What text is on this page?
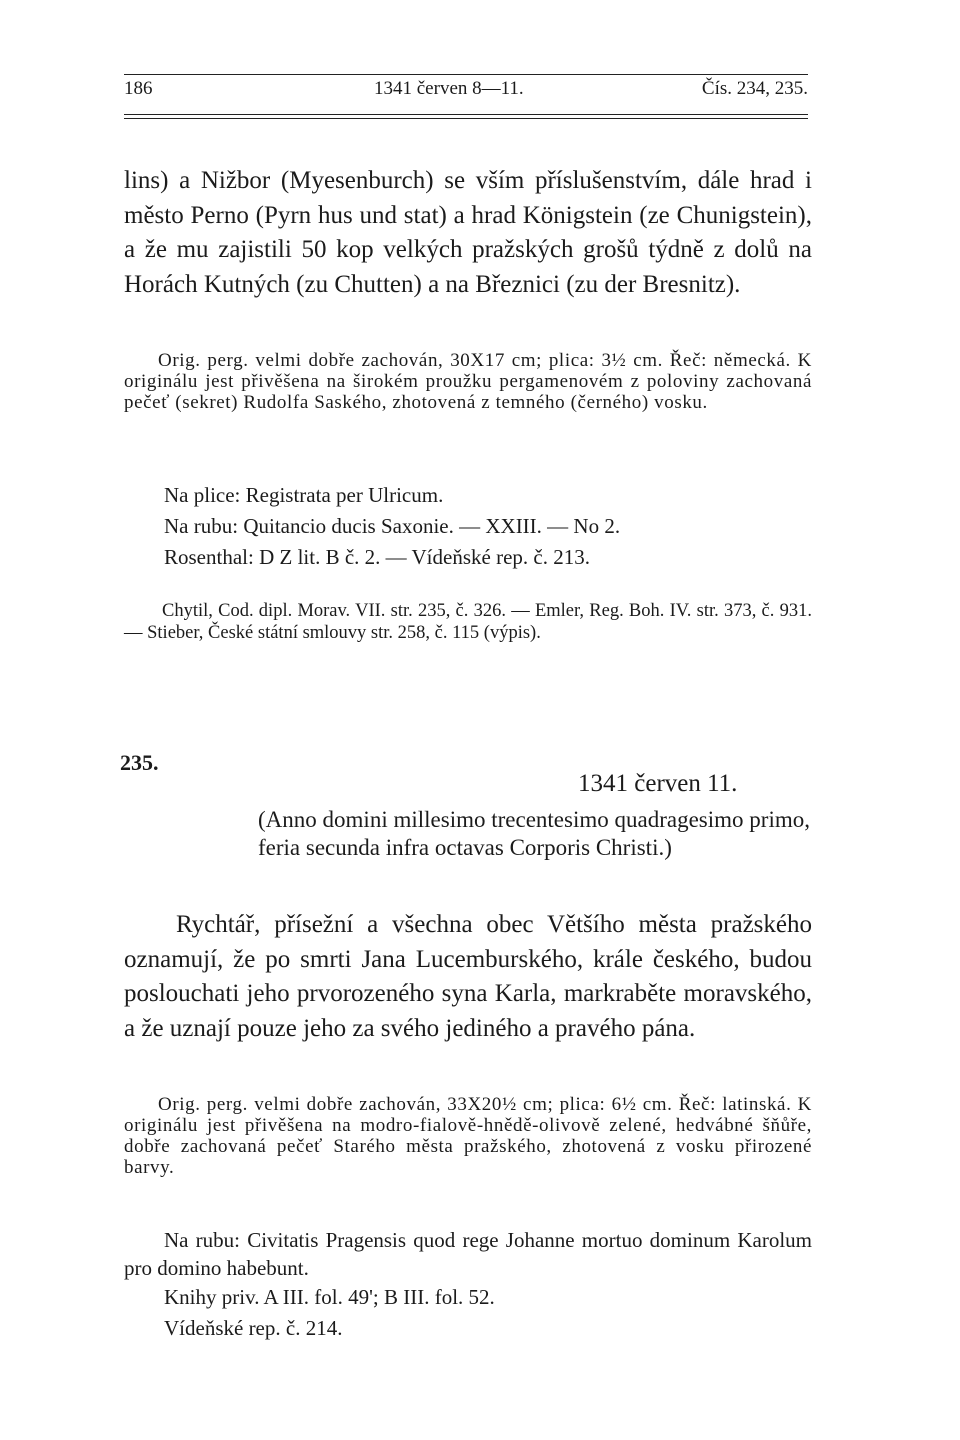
186	1341 červen 8—11.	Čís. 234, 235.
lins) a Nižbor (Myesenburch) se vším příslušenstvím, dále hrad i město Perno (Pyrn hus und stat) a hrad Königstein (ze Chunigstein), a že mu zajistili 50 kop velkých pražských grošů týdně z dolů na Horách Kutných (zu Chutten) a na Březnici (zu der Bresnitz).
Orig. perg. velmi dobře zachován, 30X17 cm; plica: 3½ cm. Řeč: německá. K originálu jest přivěšena na širokém proužku pergamenovém z poloviny zachovaná pečeť (sekret) Rudolfa Saského, zhotovená z temného (černého) vosku.
Na plice: Registrata per Ulricum.
Na rubu: Quitancio ducis Saxonie. — XXIII. — No 2.
Rosenthal: D Z lit. B č. 2. — Vídeňské rep. č. 213.
Chytil, Cod. dipl. Morav. VII. str. 235, č. 326. — Emler, Reg. Boh. IV. str. 373, č. 931. — Stieber, České státní smlouvy str. 258, č. 115 (výpis).
235.
1341 červen 11.
(Anno domini millesimo trecentesimo quadragesimo primo, feria secunda infra octavas Corporis Christi.)
Rychtář, přísežní a všechna obec Většího města pražského oznamují, že po smrti Jana Lucemburského, krále českého, budou poslouchati jeho prvorozeného syna Karla, markraběte moravského, a že uznají pouze jeho za svého jediného a pravého pána.
Orig. perg. velmi dobře zachován, 33X20½ cm; plica: 6½ cm. Řeč: latinská. K originálu jest přivěšena na modro-fialově-hnědě-olivově zelené, hedvábné šňůře, dobře zachovaná pečeť Starého města pražského, zhotovená z vosku přirozené barvy.
Na rubu: Civitatis Pragensis quod rege Johanne mortuo dominum Karolum pro domino habebunt.
Knihy priv. A III. fol. 49'; B III. fol. 52.
Vídeňské rep. č. 214.
